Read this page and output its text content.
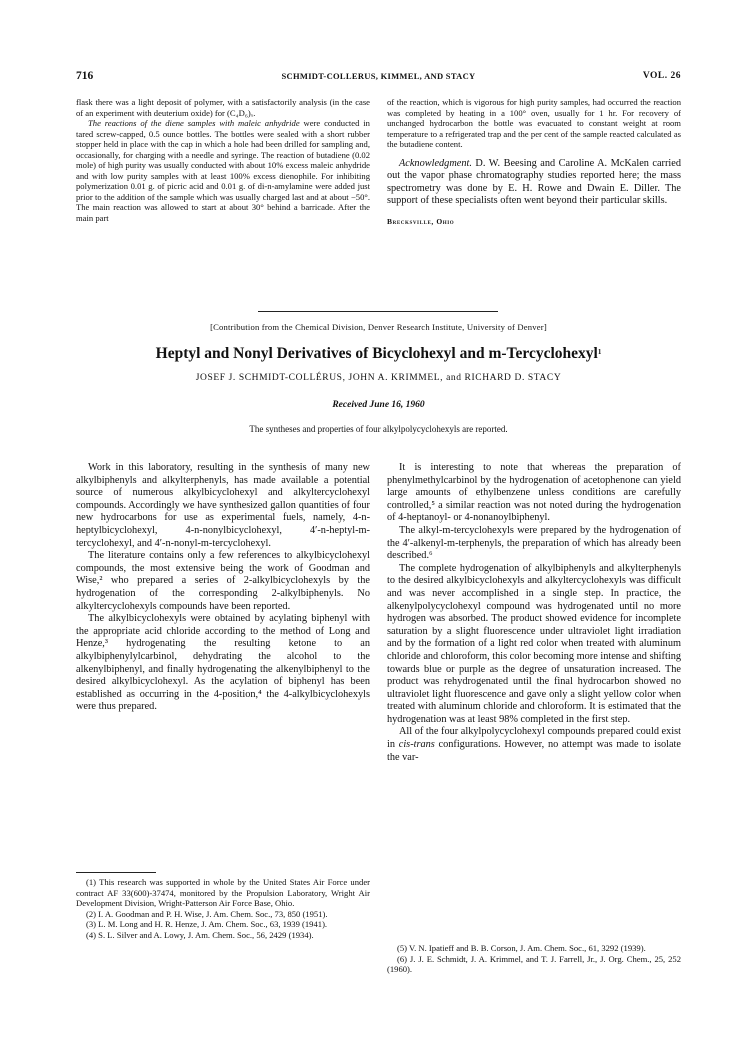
716	SCHMIDT-COLLERUS, KIMMEL, AND STACY	VOL. 26

flask there was a light deposit of polymer, with a satisfactorily analysis (in the case of an experiment with deuterium oxide) for (C₄D₆)ₓ.

The reactions of the diene samples with maleic anhydride were conducted in tared screw-capped, 0.5 ounce bottles. The bottles were sealed with a short rubber stopper held in place with the cap in which a hole had been drilled for sampling and, occasionally, for charging with a needle and syringe. The reaction of butadiene (0.02 mole) of high purity was usually conducted with about 10% excess maleic anhydride and with low purity samples with at least 100% excess dienophile. For inhibiting polymerization 0.01 g. of picric acid and 0.01 g. of di-n-amylamine were added just prior to the addition of the sample which was usually charged last and at about −50°. The main reaction was allowed to start at about 30° behind a barricade. After the main part

of the reaction, which is vigorous for high purity samples, had occurred the reaction was completed by heating in a 100° oven, usually for 1 hr. For recovery of unchanged hydrocarbon the bottle was evacuated to constant weight at room temperature to a refrigerated trap and the per cent of the sample reacted calculated as the butadiene content.

Acknowledgment. D. W. Beesing and Caroline A. McKalen carried out the vapor phase chromatography studies reported here; the mass spectrometry was done by E. H. Rowe and Dwain E. Diller. The support of these specialists often went beyond their particular skills.

Brecksville, Ohio

[Contribution from the Chemical Division, Denver Research Institute, University of Denver]
Heptyl and Nonyl Derivatives of Bicyclohexyl and m-Tercyclohexyl$^1$
JOSEF J. SCHMIDT-COLLÉRUS, JOHN A. KRIMMEL, and RICHARD D. STACY
Received June 16, 1960
The syntheses and properties of four alkylpolycyclohexyls are reported.

Work in this laboratory, resulting in the synthesis of many new alkylbiphenyls and alkylterphenyls, has made available a potential source of numerous alkylbicyclohexyl and alkyltercyclohexyl compounds. Accordingly we have synthesized gallon quantities of four new hydrocarbons for use as experimental fuels, namely, 4-n-heptylbicyclohexyl, 4-n-nonylbicyclohexyl, 4′-n-heptyl-m-tercyclohexyl, and 4′-n-nonyl-m-tercyclohexyl.

The literature contains only a few references to alkylbicyclohexyl compounds, the most extensive being the work of Goodman and Wise,² who prepared a series of 2-alkylbicyclohexyls by the hydrogenation of the corresponding 2-alkylbiphenyls. No alkyltercyclohexyls compounds have been reported.

The alkylbicyclohexyls were obtained by acylating biphenyl with the appropriate acid chloride according to the method of Long and Henze,³ hydrogenating the resulting ketone to an alkylbiphenylylcarbinol, dehydrating the alcohol to the alkenylbiphenyl, and finally hydrogenating the alkenylbiphenyl to the desired alkylbicyclohexyl. As the acylation of biphenyl has been established as occurring in the 4-position,⁴ the 4-alkylbicyclohexyls were thus prepared.

It is interesting to note that whereas the preparation of phenylmethylcarbinol by the hydrogenation of acetophenone can yield large amounts of ethylbenzene unless conditions are carefully controlled,⁵ a similar reaction was not noted during the hydrogenation of 4-heptanoyl- or 4-nonanoylbiphenyl.

The alkyl-m-tercyclohexyls were prepared by the hydrogenation of the 4′-alkenyl-m-terphenyls, the preparation of which has already been described.⁶

The complete hydrogenation of alkylbiphenyls and alkylterphenyls to the desired alkylbicyclohexyls and alkyltercyclohexyls was difficult and was never accomplished in a single step. In practice, the alkenylpolycyclohexyl compound was hydrogenated until no more hydrogen was absorbed. The product showed evidence for incomplete saturation by a slight fluorescence under ultraviolet light irradiation and by the formation of a light red color when treated with aluminum chloride and chloroform, this color becoming more intense and shifting towards blue or purple as the degree of unsaturation increased. The product was rehydrogenated until the final hydrocarbon showed no ultraviolet light fluorescence and gave only a slight yellow color when treated with aluminum chloride and chloroform. It is estimated that the hydrogenation was at least 98% completed in the first step.

All of the four alkylpolycyclohexyl compounds prepared could exist in cis-trans configurations. However, no attempt was made to isolate the var-

(1) This research was supported in whole by the United States Air Force under contract AF 33(600)-37474, monitored by the Propulsion Laboratory, Wright Air Development Division, Wright-Patterson Air Force Base, Ohio.

(2) I. A. Goodman and P. H. Wise, J. Am. Chem. Soc., 73, 850 (1951).

(3) L. M. Long and H. R. Henze, J. Am. Chem. Soc., 63, 1939 (1941).

(4) S. L. Silver and A. Lowy, J. Am. Chem. Soc., 56, 2429 (1934).

(5) V. N. Ipatieff and B. B. Corson, J. Am. Chem. Soc., 61, 3292 (1939).

(6) J. J. E. Schmidt, J. A. Krimmel, and T. J. Farrell, Jr., J. Org. Chem., 25, 252 (1960).
